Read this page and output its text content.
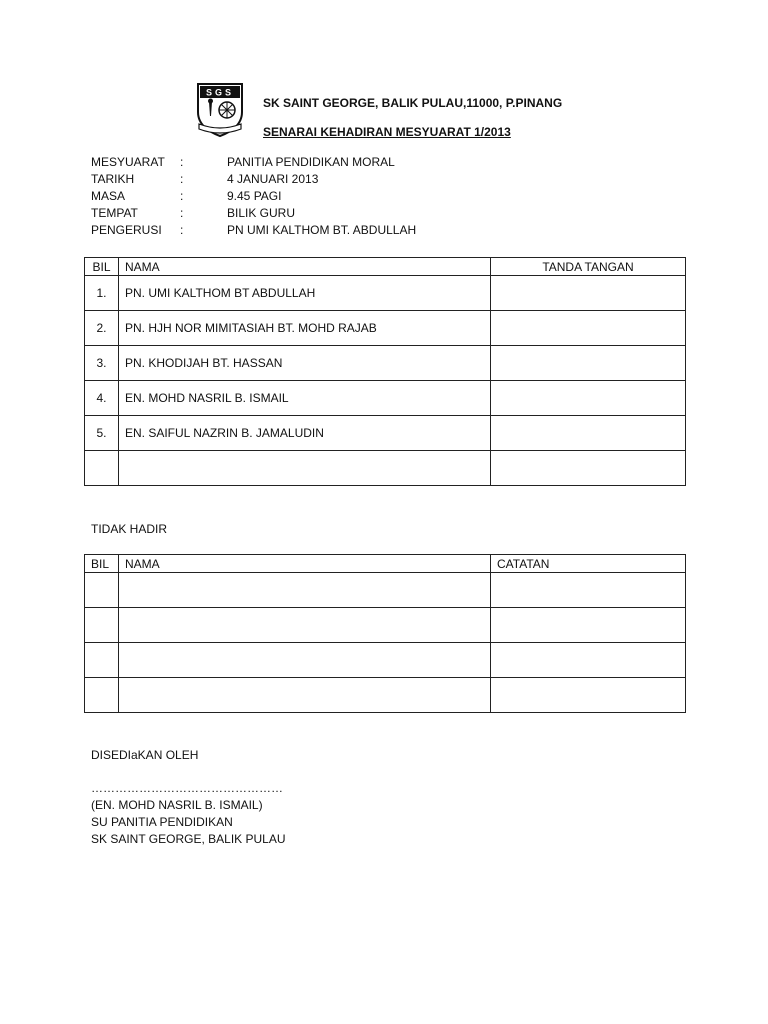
SGS
SK SAINT GEORGE, BALIK PULAU,11000, P.PINANG
SENARAI KEHADIRAN MESYUARAT 1/2013
MESYUARAT :	PANITIA PENDIDIKAN MORAL
TARIKH	:	4 JANUARI 2013
MASA	:	9.45 PAGI
TEMPAT	:	BILIK GURU
PENGERUSI :	PN UMI KALTHOM BT. ABDULLAH
BIL	NAMA	TANDA TANGAN
1.	PN. UMI KALTHOM BT ABDULLAH	
2.	PN. HJH NOR MIMITASIAH BT. MOHD RAJAB	
3.	PN. KHODIJAH BT. HASSAN	
4.	EN. MOHD NASRIL B. ISMAIL	
5.	EN. SAIFUL NAZRIN B. JAMALUDIN	

TIDAK HADIR
BIL	NAMA	CATATAN

DISEDIaKAN OLEH
…………………………………………
(EN. MOHD NASRIL B. ISMAIL)
SU PANITIA PENDIDIKAN
SK SAINT GEORGE, BALIK PULAU
